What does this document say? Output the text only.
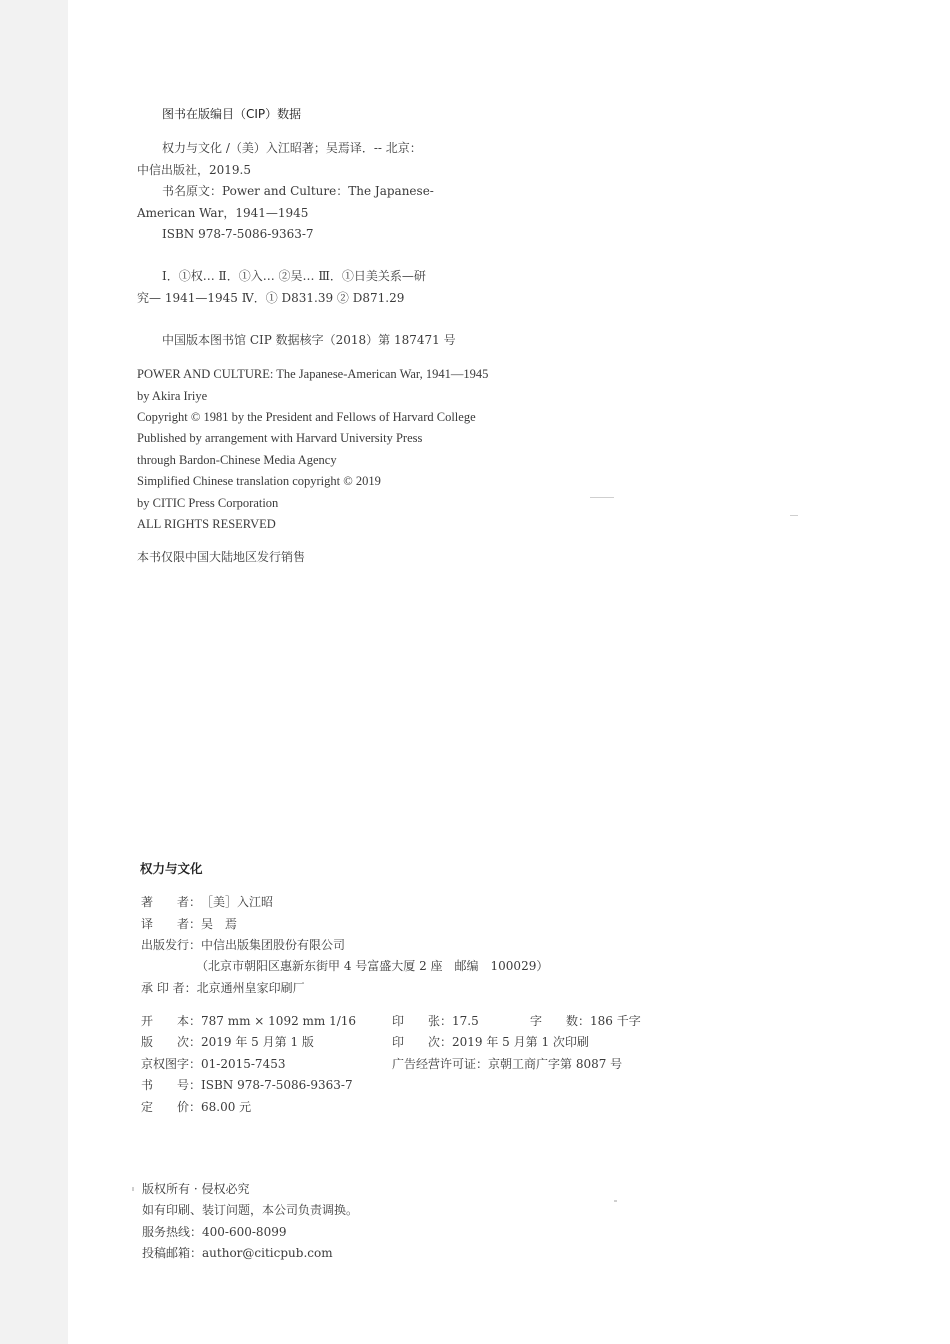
图书在版编目（CIP）数据
权力与文化 /（美）入江昭著；吴焉译．-- 北京：
中信出版社，2019.5
书名原文：Power and Culture：The Japanese-
American War，1941—1945
ISBN 978-7-5086-9363-7
Ⅰ．①权… Ⅱ．①入… ②吴… Ⅲ．①日美关系—研
究— 1941—1945 Ⅳ．① D831.39 ② D871.29
中国版本图书馆 CIP 数据核字（2018）第 187471 号
POWER AND CULTURE: The Japanese-American War, 1941—1945
by Akira Iriye
Copyright © 1981 by the President and Fellows of Harvard College
Published by arrangement with Harvard University Press
through Bardon-Chinese Media Agency
Simplified Chinese translation copyright © 2019
by CITIC Press Corporation
ALL RIGHTS RESERVED
本书仅限中国大陆地区发行销售
权力与文化
著　　者：［美］入江昭
译　　者：吴　焉
出版发行：中信出版集团股份有限公司
（北京市朝阳区惠新东街甲 4 号富盛大厦 2 座　邮编　100029）
承 印 者：北京通州皇家印刷厂
开　　本：787 mm × 1092 mm 1/16	印　　张：17.5	字　　数：186 千字
版　　次：2019 年 5 月第 1 版	印　　次：2019 年 5 月第 1 次印刷
京权图字：01-2015-7453	广告经营许可证：京朝工商广字第 8087 号
书　　号：ISBN 978-7-5086-9363-7
定　　价：68.00 元
版权所有 · 侵权必究
如有印刷、装订问题，本公司负责调换。
服务热线：400-600-8099
投稿邮箱：author@citicpub.com
